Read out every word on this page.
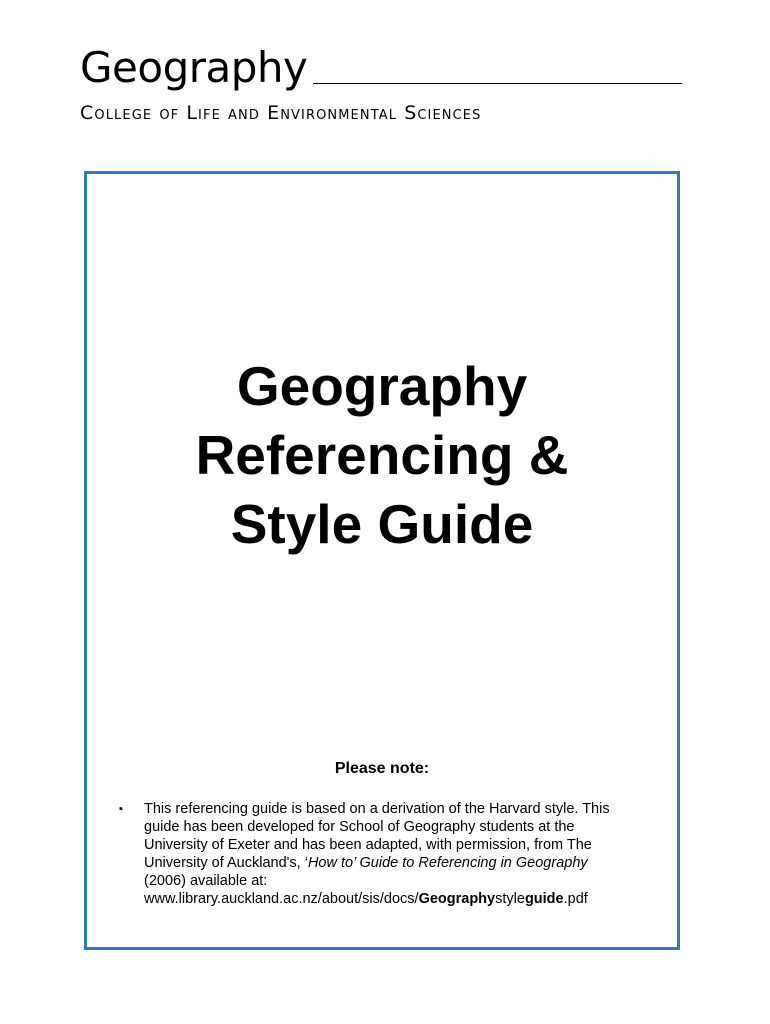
Geography
College of Life and Environmental Sciences
Geography
Referencing &
Style Guide
Please note:
▪	This referencing guide is based on a derivation of the Harvard style. This
guide has been developed for School of Geography students at the
University of Exeter and has been adapted, with permission, from The
University of Auckland's, ‘How to’ Guide to Referencing in Geography
(2006) available at:
www.library.auckland.ac.nz/about/sis/docs/Geographystyleguide.pdf
